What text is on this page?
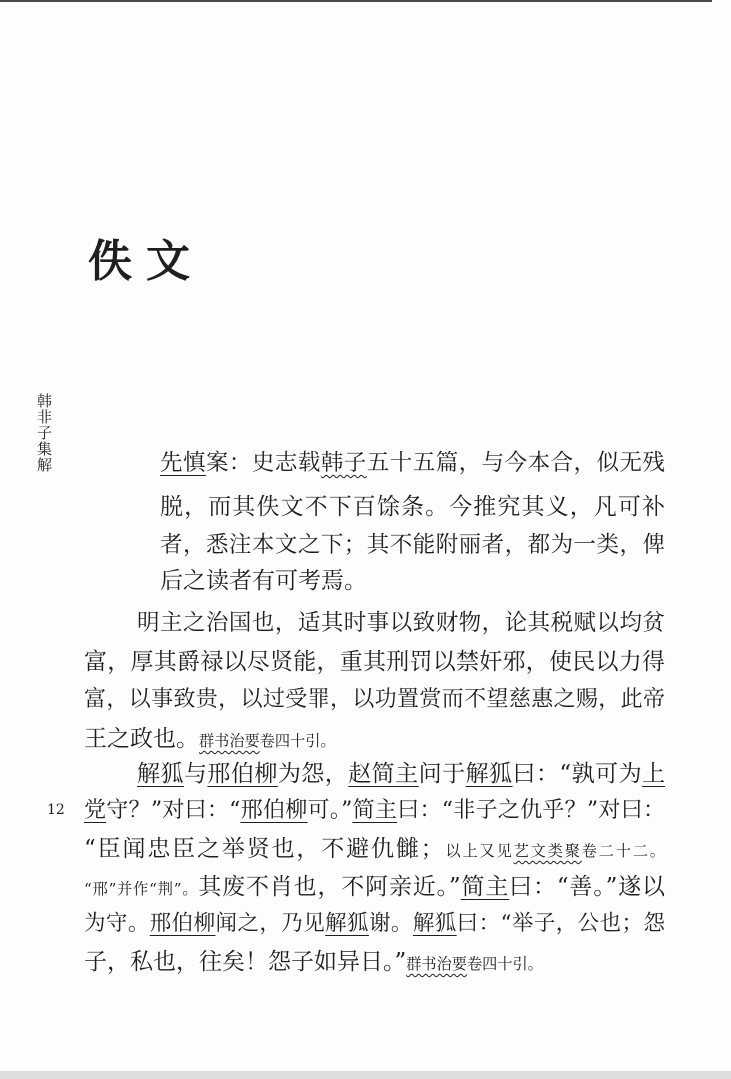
佚文
韩非子集解
12
先慎案：史志载韩子五十五篇，与今本合，似无残
脱，而其佚文不下百馀条。今推究其义，凡可补
者，悉注本文之下；其不能附丽者，都为一类，俾
后之读者有可考焉。
明主之治国也，适其时事以致财物，论其税赋以均贫
富，厚其爵禄以尽贤能，重其刑罚以禁奸邪，使民以力得
富，以事致贵，以过受罪，以功置赏而不望慈惠之赐，此帝
王之政也。群书治要卷四十引。
解狐与邢伯柳为怨，赵简主问于解狐曰：“孰可为上
党守？”对曰：“邢伯柳可。”简主曰：“非子之仇乎？”对曰：
“臣闻忠臣之举贤也，不避仇雠；以上又见艺文类聚卷二十二。
“邢”并作“荆”。其废不肖也，不阿亲近。”简主曰：“善。”遂以
为守。邢伯柳闻之，乃见解狐谢。解狐曰：“举子，公也；怨
子，私也，往矣！怨子如异日。”群书治要卷四十引。
